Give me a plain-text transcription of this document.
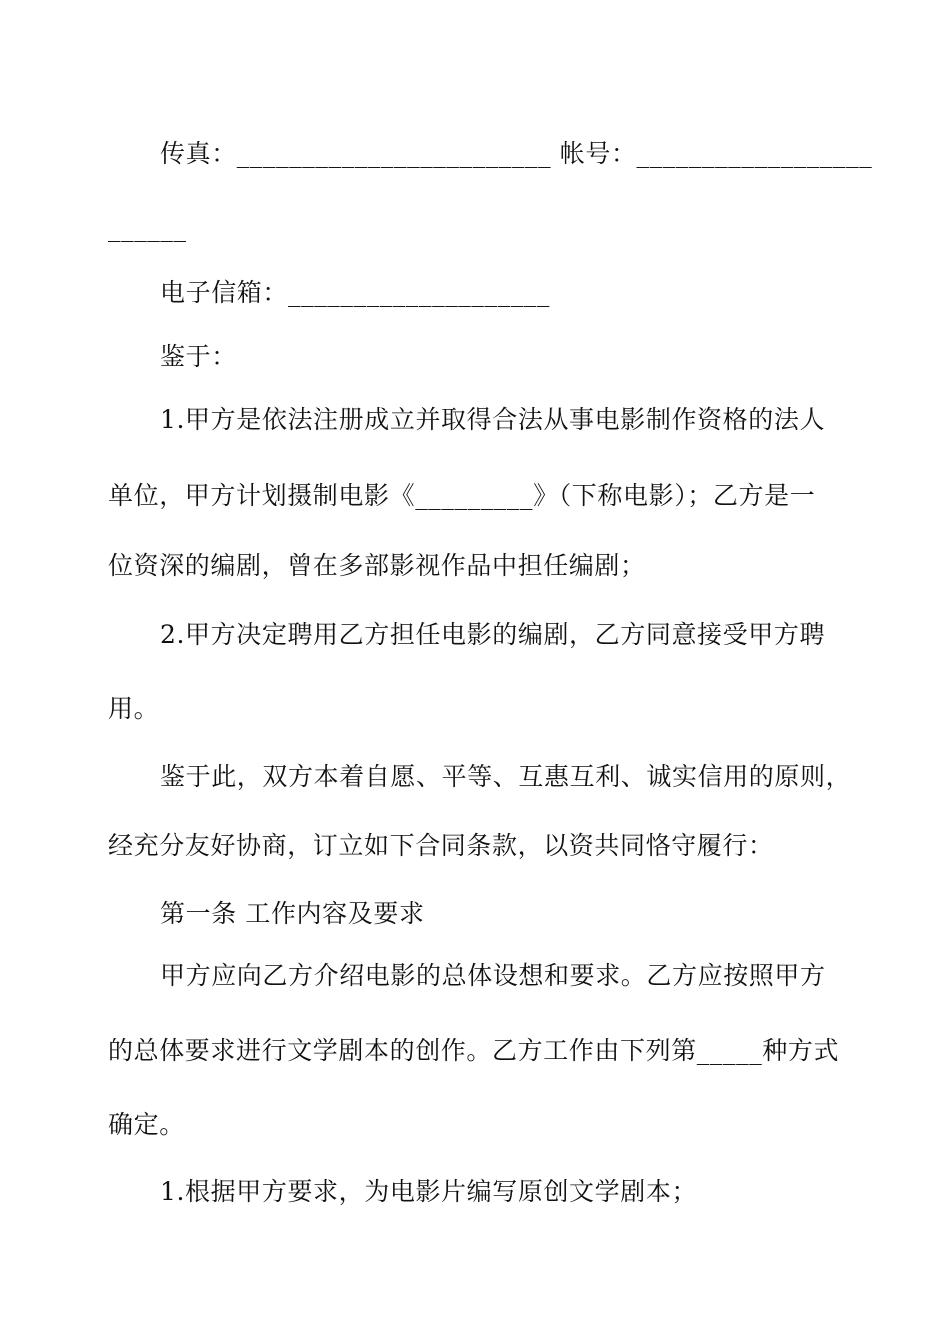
传真：________________________ 帐号：__________________
______
电子信箱：____________________
鉴于：
1.甲方是依法注册成立并取得合法从事电影制作资格的法人
单位，甲方计划摄制电影《_________》（下称电影）；乙方是一
位资深的编剧，曾在多部影视作品中担任编剧；
2.甲方决定聘用乙方担任电影的编剧，乙方同意接受甲方聘
用。
鉴于此，双方本着自愿、平等、互惠互利、诚实信用的原则，
经充分友好协商，订立如下合同条款，以资共同恪守履行：
第一条 工作内容及要求
甲方应向乙方介绍电影的总体设想和要求。乙方应按照甲方
的总体要求进行文学剧本的创作。乙方工作由下列第_____种方式
确定。
1.根据甲方要求，为电影片编写原创文学剧本；
